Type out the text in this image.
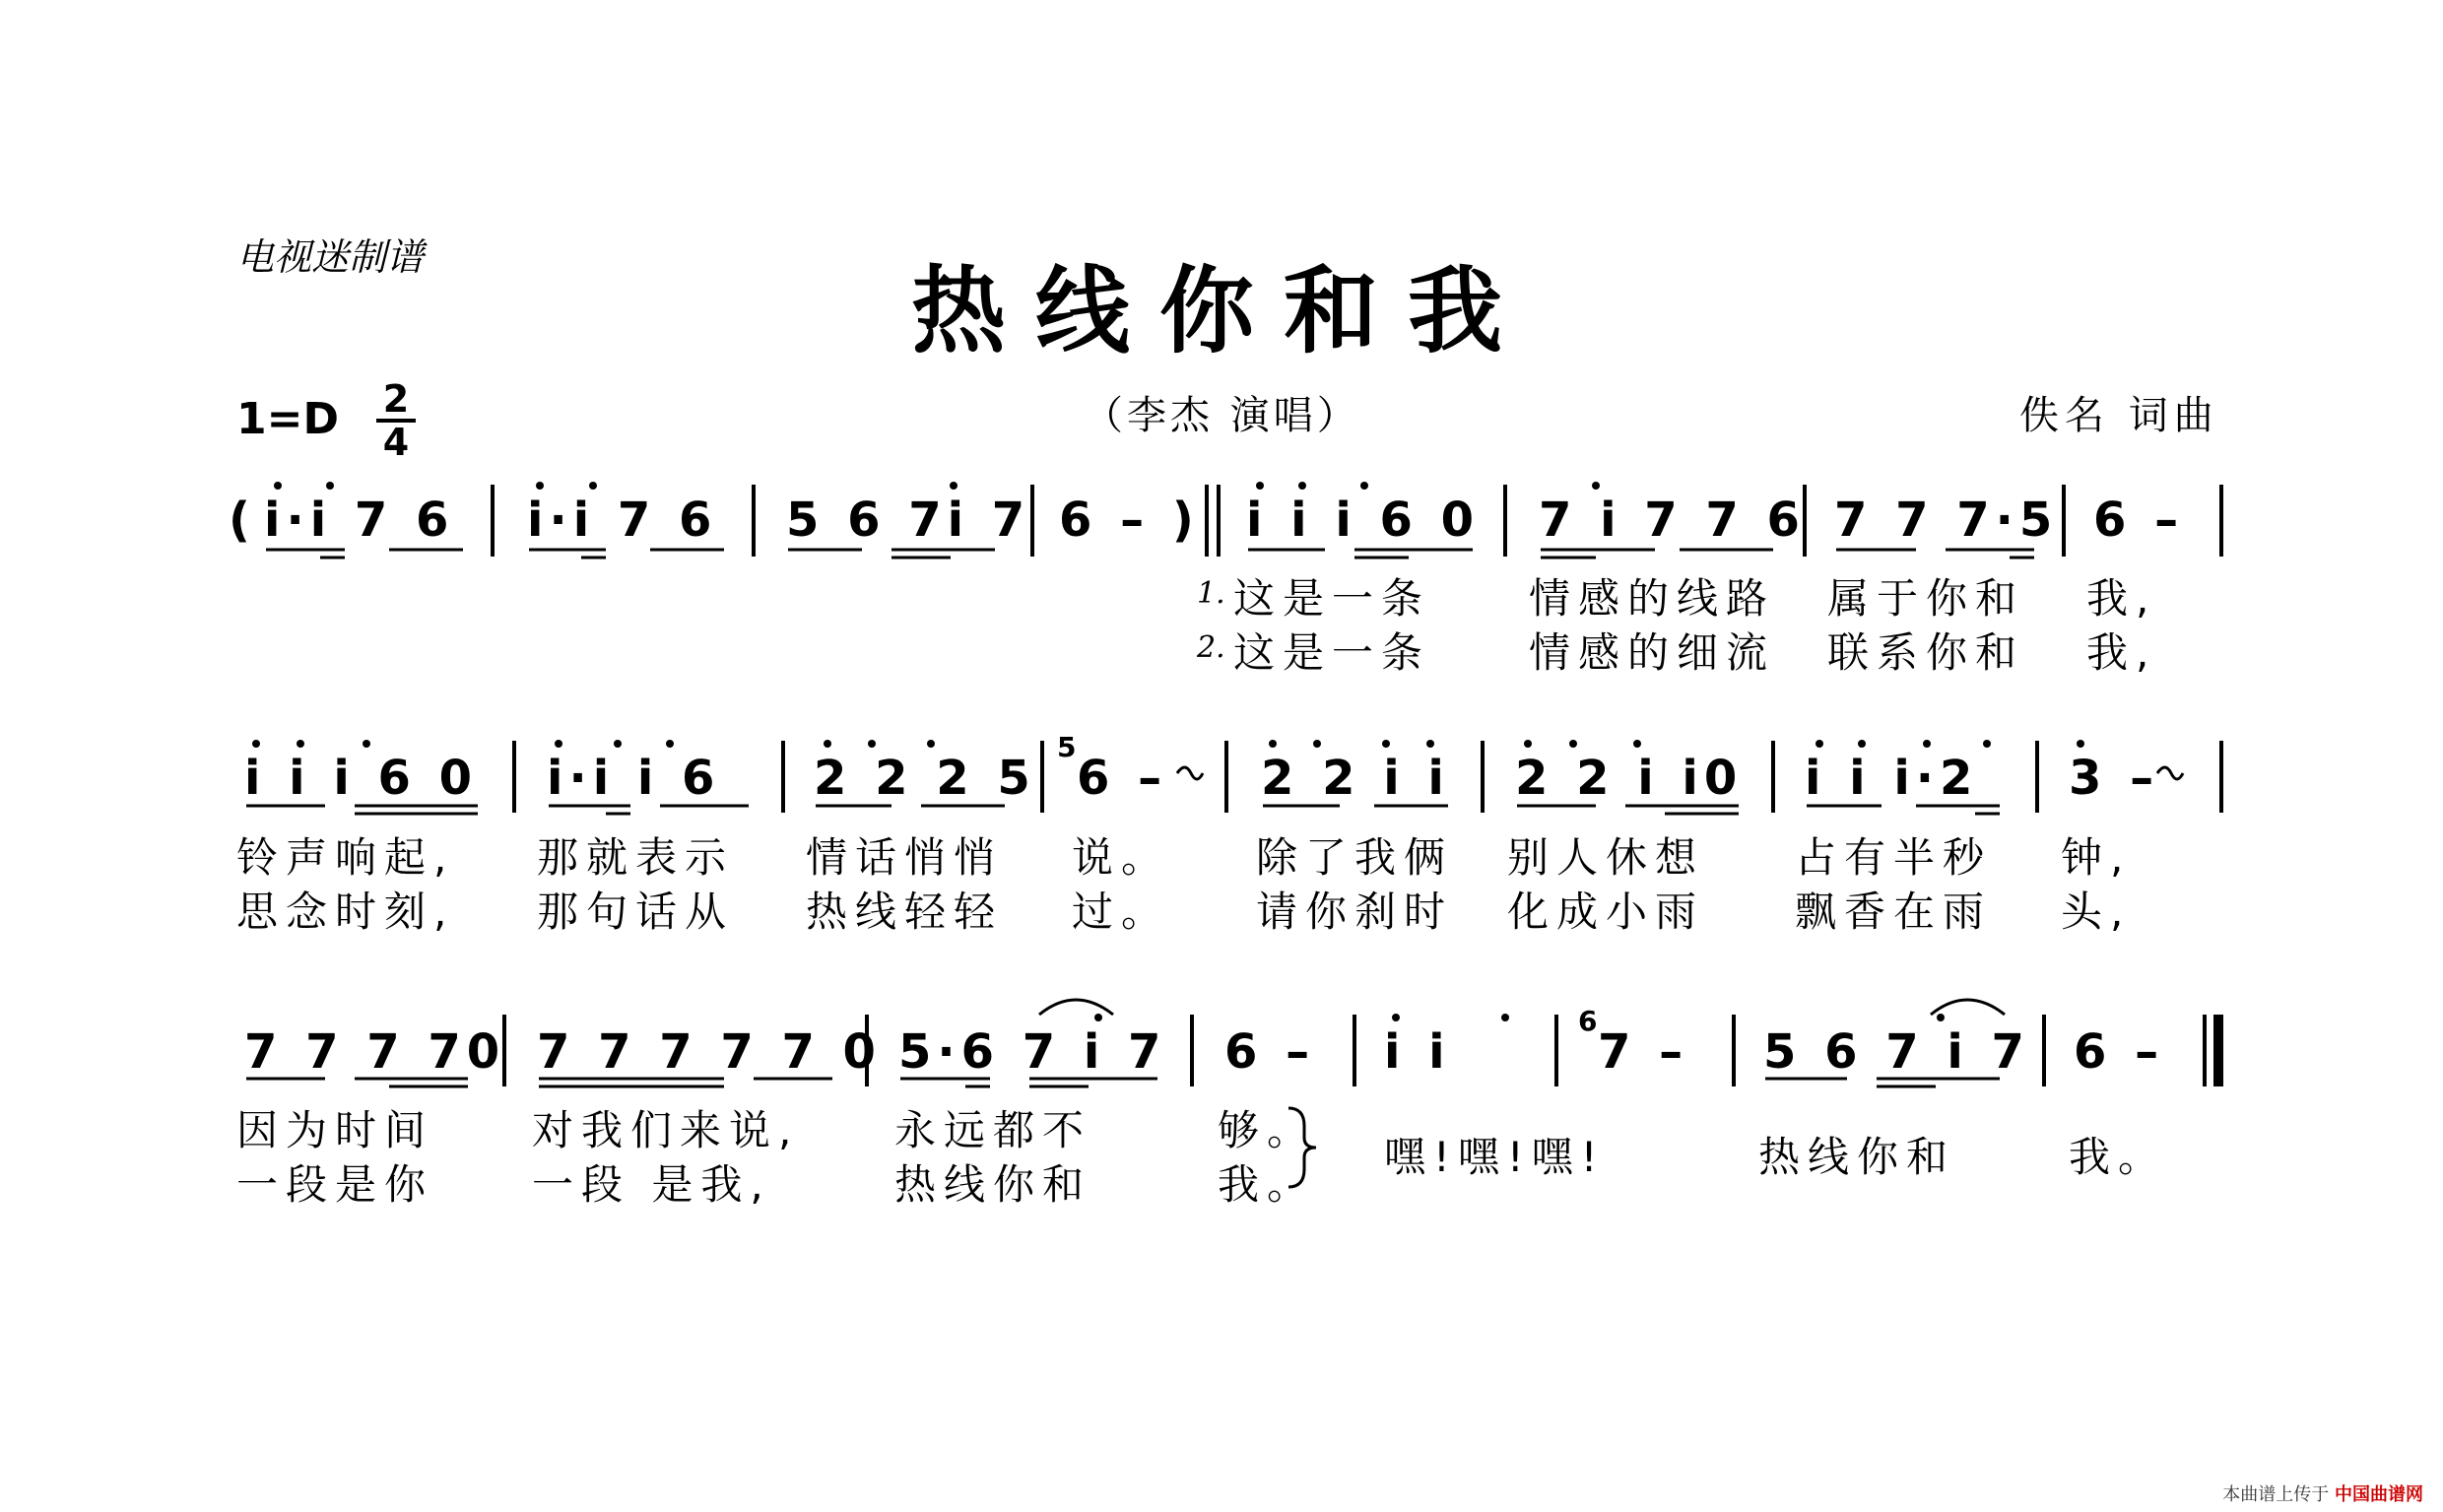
电视迷制谱	热线你和我
1=D 2
4
（李杰 演唱）	佚名 词曲
( i·i 7 6 i·i 7 6 5 6 7i 7 6 – ) i i i 6 0 7 i 7 7 6 7 7 7·5 6 –
1. 这是一条 情感的线路 属于你和 我,
2. 这是一条 情感的细流 联系你和 我,
i i i 6 0 i·i i 6 2 2 2 5
5
6 – 2 2 i i 2 2 i i0 i i i·2 3 –
铃声响起, 那就表示 情话悄悄 说。 除了我俩 别人休想 占有半秒 钟,
思念时刻, 那句话从 热线轻轻 过。 请你刹时 化成小雨 飘香在雨 头,
7 7 7 70 7 7 7 7 7 0 5·6 7 i 7 6 – i i
6
7 – 5 6 7 i 7 6 –
因为时间 对我们来说, 永远都不	够。
一段是你 一段 是我,	热线你和	我。
嘿!嘿!嘿!	热线你和	我。
本曲谱上传于 中国曲谱网
